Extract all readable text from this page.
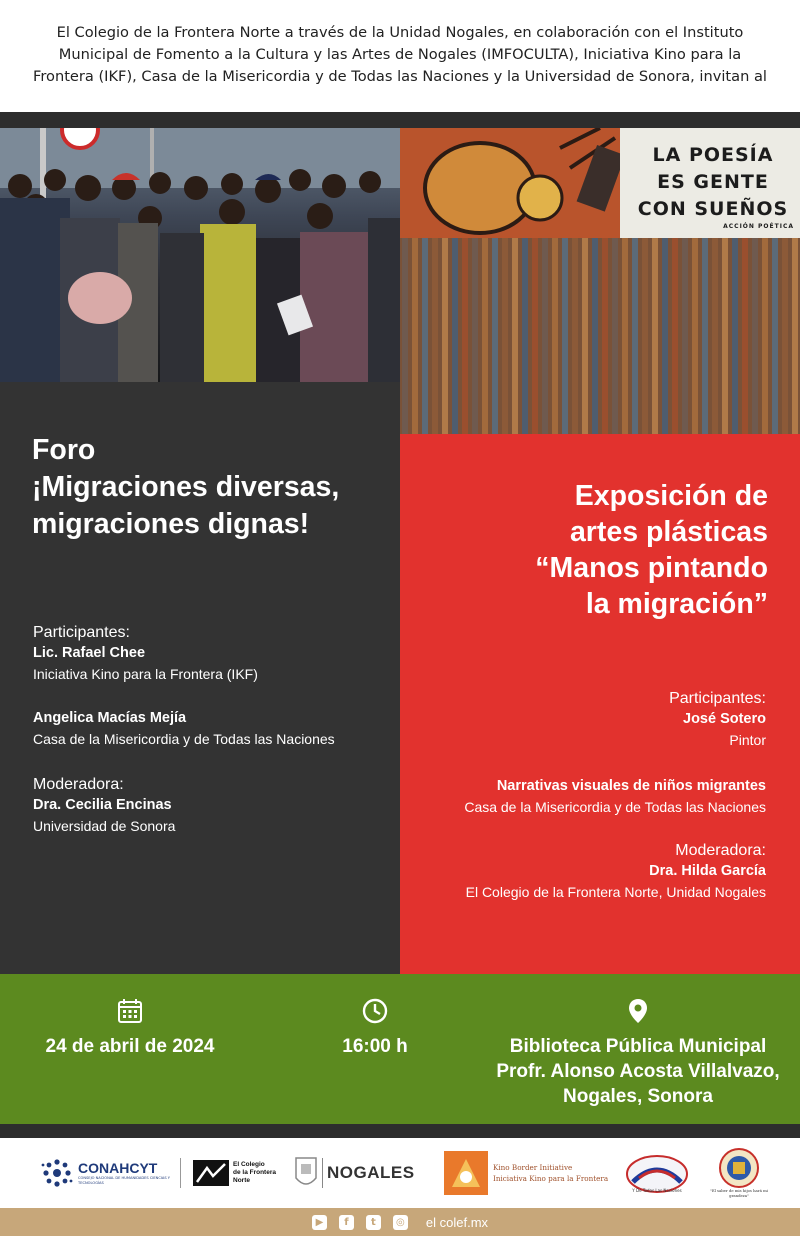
El Colegio de la Frontera Norte a través de la Unidad Nogales, en colaboración con el Instituto Municipal de Fomento a la Cultura y las Artes de Nogales (IMFOCULTA), Iniciativa Kino para la Frontera (IKF), Casa de la Misericordia y de Todas las Naciones y la Universidad de Sonora, invitan al
LA POESÍA
ES GENTE
CON SUEÑOS
ACCIÓN POÉTICA
Foro
¡Migraciones diversas,
migraciones dignas!
Participantes:
Lic. Rafael Chee
Iniciativa Kino para la Frontera (IKF)
Angelica Macías Mejía
Casa de la Misericordia y de Todas las Naciones
Moderadora:
Dra. Cecilia Encinas
Universidad de Sonora
Exposición de
artes plásticas
“Manos pintando
la migración”
Participantes:
José Sotero
Pintor
Narrativas visuales de niños migrantes
Casa de la Misericordia y de Todas las Naciones
Moderadora:
Dra. Hilda García
El Colegio de la Frontera Norte, Unidad Nogales
24 de abril de 2024	16:00 h	Biblioteca Pública Municipal
Profr. Alonso Acosta Villalvazo,
Nogales, Sonora
CONAHCYT
CONSEJO NACIONAL DE HUMANIDADES CIENCIAS Y TECNOLOGÍAS
El Colegio
de la Frontera
Norte	NOGALES	Kino Border Initiative
Iniciativa Kino para la Frontera
Y De Todas Las Naciones	"El saber de mis hijos hará mi grandeza"
▶	f	t	◎ el colef.mx
